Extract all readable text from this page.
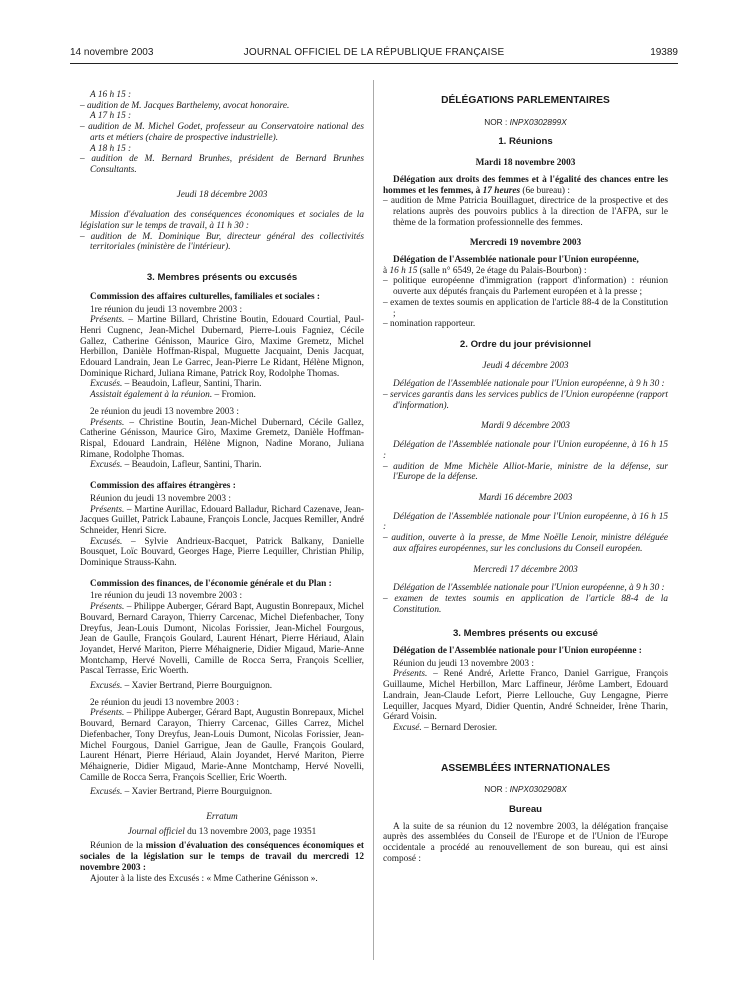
14 novembre 2003	JOURNAL OFFICIEL DE LA RÉPUBLIQUE FRANÇAISE	19389

A 16 h 15 :

– audition de M. Jacques Barthelemy, avocat honoraire.

A 17 h 15 :

– audition de M. Michel Godet, professeur au Conservatoire national des arts et métiers (chaire de prospective industrielle).

A 18 h 15 :

– audition de M. Bernard Brunhes, président de Bernard Brunhes Consultants.

Jeudi 18 décembre 2003

Mission d'évaluation des conséquences économiques et sociales de la législation sur le temps de travail, à 11 h 30 :

– audition de M. Dominique Bur, directeur général des collectivités territoriales (ministère de l'intérieur).

3. Membres présents ou excusés

Commission des affaires culturelles, familiales et sociales :

1re réunion du jeudi 13 novembre 2003 :

Présents. – Martine Billard, Christine Boutin, Edouard Courtial, Paul-Henri Cugnenc, Jean-Michel Dubernard, Pierre-Louis Fagniez, Cécile Gallez, Catherine Génisson, Maurice Giro, Maxime Gremetz, Michel Herbillon, Danièle Hoffman-Rispal, Muguette Jacquaint, Denis Jacquat, Edouard Landrain, Jean Le Garrec, Jean-Pierre Le Ridant, Hélène Mignon, Dominique Richard, Juliana Rimane, Patrick Roy, Rodolphe Thomas.

Excusés. – Beaudoin, Lafleur, Santini, Tharin.

Assistait également à la réunion. – Fromion.

2e réunion du jeudi 13 novembre 2003 :

Présents. – Christine Boutin, Jean-Michel Dubernard, Cécile Gallez, Catherine Génisson, Maurice Giro, Maxime Gremetz, Danièle Hoffman-Rispal, Edouard Landrain, Hélène Mignon, Nadine Morano, Juliana Rimane, Rodolphe Thomas.

Excusés. – Beaudoin, Lafleur, Santini, Tharin.

Commission des affaires étrangères :

Réunion du jeudi 13 novembre 2003 :

Présents. – Martine Aurillac, Edouard Balladur, Richard Cazenave, Jean-Jacques Guillet, Patrick Labaune, François Loncle, Jacques Remiller, André Schneider, Henri Sicre.

Excusés. – Sylvie Andrieux-Bacquet, Patrick Balkany, Danielle Bousquet, Loïc Bouvard, Georges Hage, Pierre Lequiller, Christian Philip, Dominique Strauss-Kahn.

Commission des finances, de l'économie générale et du Plan :

1re réunion du jeudi 13 novembre 2003 :

Présents. – Philippe Auberger, Gérard Bapt, Augustin Bonrepaux, Michel Bouvard, Bernard Carayon, Thierry Carcenac, Michel Diefenbacher, Tony Dreyfus, Jean-Louis Dumont, Nicolas Forissier, Jean-Michel Fourgous, Jean de Gaulle, François Goulard, Laurent Hénart, Pierre Hériaud, Alain Joyandet, Hervé Mariton, Pierre Méhaignerie, Didier Migaud, Marie-Anne Montchamp, Hervé Novelli, Camille de Rocca Serra, François Scellier, Pascal Terrasse, Eric Woerth.

Excusés. – Xavier Bertrand, Pierre Bourguignon.

2e réunion du jeudi 13 novembre 2003 :

Présents. – Philippe Auberger, Gérard Bapt, Augustin Bonrepaux, Michel Bouvard, Bernard Carayon, Thierry Carcenac, Gilles Carrez, Michel Diefenbacher, Tony Dreyfus, Jean-Louis Dumont, Nicolas Forissier, Jean-Michel Fourgous, Daniel Garrigue, Jean de Gaulle, François Goulard, Laurent Hénart, Pierre Hériaud, Alain Joyandet, Hervé Mariton, Pierre Méhaignerie, Didier Migaud, Marie-Anne Montchamp, Hervé Novelli, Camille de Rocca Serra, François Scellier, Eric Woerth.

Excusés. – Xavier Bertrand, Pierre Bourguignon.

Erratum

Journal officiel du 13 novembre 2003, page 19351

Réunion de la mission d'évaluation des conséquences économiques et sociales de la législation sur le temps de travail du mercredi 12 novembre 2003 :

Ajouter à la liste des Excusés : « Mme Catherine Génisson ».

DÉLÉGATIONS PARLEMENTAIRES

NOR : INPX0302899X

1. Réunions

Mardi 18 novembre 2003

Délégation aux droits des femmes et à l'égalité des chances entre les hommes et les femmes, à 17 heures (6e bureau) :

– audition de Mme Patricia Bouillaguet, directrice de la prospective et des relations auprès des pouvoirs publics à la direction de l'AFPA, sur le thème de la formation professionnelle des femmes.

Mercredi 19 novembre 2003

Délégation de l'Assemblée nationale pour l'Union européenne,

à 16 h 15 (salle n° 6549, 2e étage du Palais-Bourbon) :

– politique européenne d'immigration (rapport d'information) : réunion ouverte aux députés français du Parlement européen et à la presse ;

– examen de textes soumis en application de l'article 88-4 de la Constitution ;

– nomination rapporteur.

2. Ordre du jour prévisionnel

Jeudi 4 décembre 2003

Délégation de l'Assemblée nationale pour l'Union européenne, à 9 h 30 :

– services garantis dans les services publics de l'Union européenne (rapport d'information).

Mardi 9 décembre 2003

Délégation de l'Assemblée nationale pour l'Union européenne, à 16 h 15 :

– audition de Mme Michèle Alliot-Marie, ministre de la défense, sur l'Europe de la défense.

Mardi 16 décembre 2003

Délégation de l'Assemblée nationale pour l'Union européenne, à 16 h 15 :

– audition, ouverte à la presse, de Mme Noëlle Lenoir, ministre déléguée aux affaires européennes, sur les conclusions du Conseil européen.

Mercredi 17 décembre 2003

Délégation de l'Assemblée nationale pour l'Union européenne, à 9 h 30 :

– examen de textes soumis en application de l'article 88-4 de la Constitution.

3. Membres présents ou excusé

Délégation de l'Assemblée nationale pour l'Union européenne :

Réunion du jeudi 13 novembre 2003 :

Présents. – René André, Arlette Franco, Daniel Garrigue, François Guillaume, Michel Herbillon, Marc Laffineur, Jérôme Lambert, Edouard Landrain, Jean-Claude Lefort, Pierre Lellouche, Guy Lengagne, Pierre Lequiller, Jacques Myard, Didier Quentin, André Schneider, Irène Tharin, Gérard Voisin.

Excusé. – Bernard Derosier.

ASSEMBLÉES INTERNATIONALES

NOR : INPX0302908X

Bureau

A la suite de sa réunion du 12 novembre 2003, la délégation française auprès des assemblées du Conseil de l'Europe et de l'Union de l'Europe occidentale a procédé au renouvellement de son bureau, qui est ainsi composé :
